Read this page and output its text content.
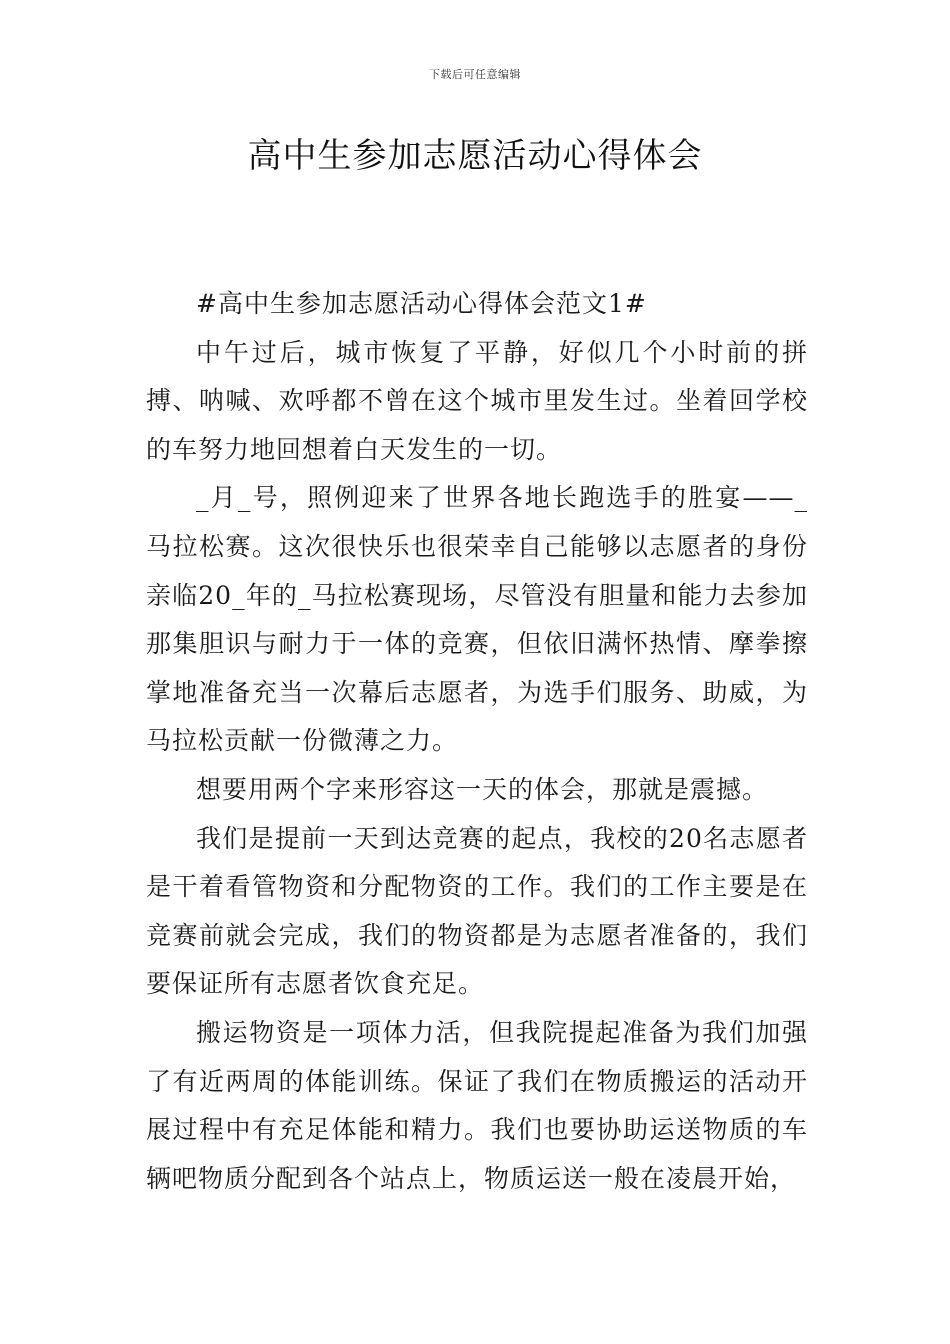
下载后可任意编辑
高中生参加志愿活动心得体会

#高中生参加志愿活动心得体会范文1#

中午过后，城市恢复了平静，好似几个小时前的拼搏、呐喊、欢呼都不曾在这个城市里发生过。坐着回学校的车努力地回想着白天发生的一切。

_月_号，照例迎来了世界各地长跑选手的胜宴——_马拉松赛。这次很快乐也很荣幸自己能够以志愿者的身份亲临20_年的_马拉松赛现场，尽管没有胆量和能力去参加那集胆识与耐力于一体的竞赛，但依旧满怀热情、摩拳擦掌地准备充当一次幕后志愿者，为选手们服务、助威，为马拉松贡献一份微薄之力。

想要用两个字来形容这一天的体会，那就是震撼。

我们是提前一天到达竞赛的起点，我校的20名志愿者是干着看管物资和分配物资的工作。我们的工作主要是在竞赛前就会完成，我们的物资都是为志愿者准备的，我们要保证所有志愿者饮食充足。

搬运物资是一项体力活，但我院提起准备为我们加强了有近两周的体能训练。保证了我们在物质搬运的活动开展过程中有充足体能和精力。我们也要协助运送物质的车辆吧物质分配到各个站点上，物质运送一般在凌晨开始，
